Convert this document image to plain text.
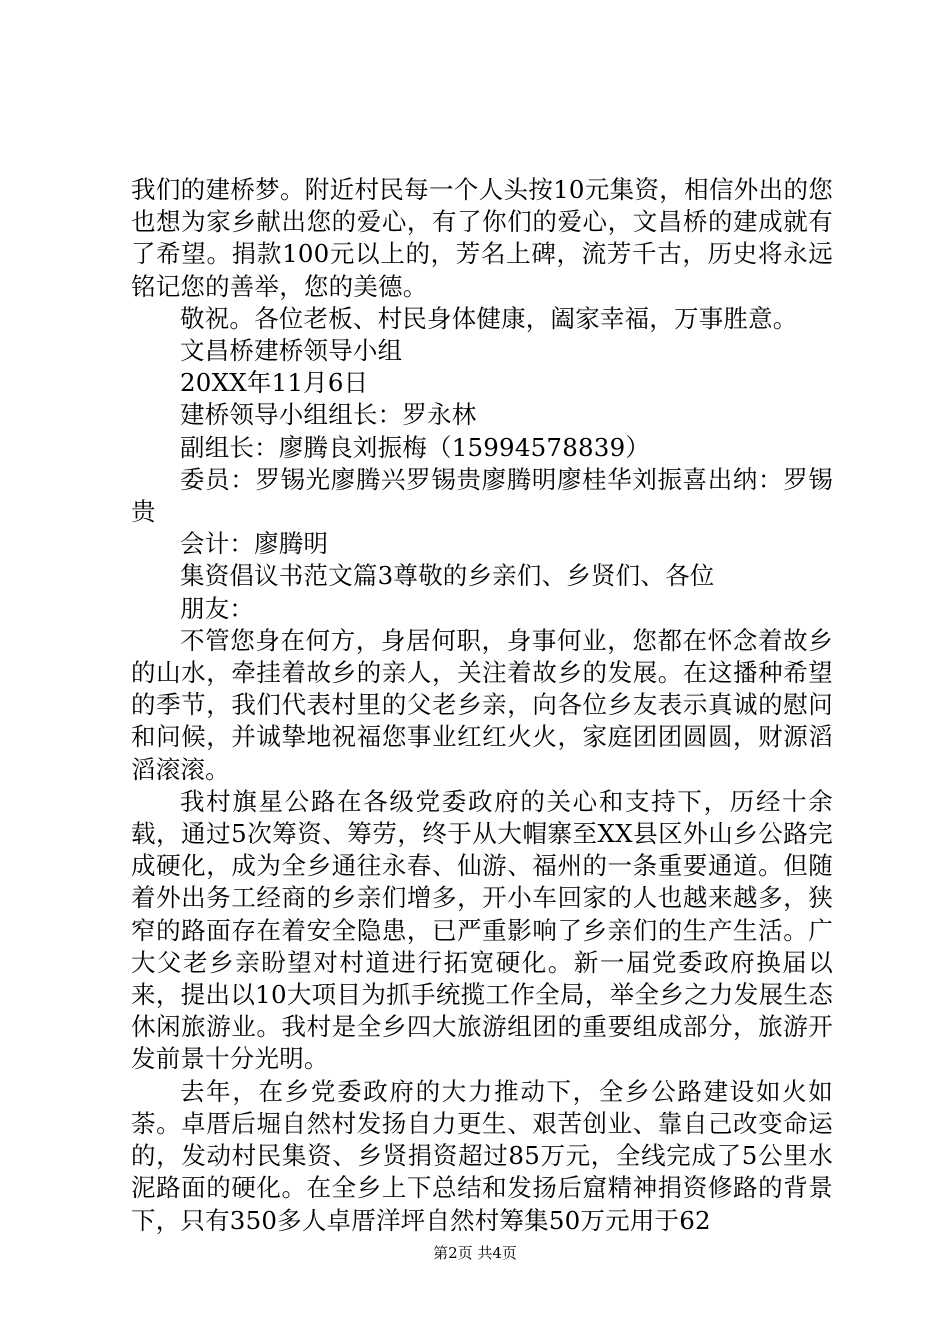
我们的建桥梦。附近村民每一个人头按10元集资，相信外出的您也想为家乡献出您的爱心，有了你们的爱心，文昌桥的建成就有了希望。捐款100元以上的，芳名上碑，流芳千古，历史将永远铭记您的善举，您的美德。

敬祝。各位老板、村民身体健康，阖家幸福，万事胜意。

文昌桥建桥领导小组

20XX年11月6日

建桥领导小组组长：罗永林

副组长：廖腾良刘振梅（15994578839）

委员：罗锡光廖腾兴罗锡贵廖腾明廖桂华刘振喜出纳：罗锡贵

会计：廖腾明

集资倡议书范文篇3尊敬的乡亲们、乡贤们、各位

朋友：

不管您身在何方，身居何职，身事何业，您都在怀念着故乡的山水，牵挂着故乡的亲人，关注着故乡的发展。在这播种希望的季节，我们代表村里的父老乡亲，向各位乡友表示真诚的慰问和问候，并诚挚地祝福您事业红红火火，家庭团团圆圆，财源滔滔滚滚。

我村旗星公路在各级党委政府的关心和支持下，历经十余载，通过5次筹资、筹劳，终于从大帽寨至XX县区外山乡公路完成硬化，成为全乡通往永春、仙游、福州的一条重要通道。但随着外出务工经商的乡亲们增多，开小车回家的人也越来越多，狭窄的路面存在着安全隐患，已严重影响了乡亲们的生产生活。广大父老乡亲盼望对村道进行拓宽硬化。新一届党委政府换届以来，提出以10大项目为抓手统揽工作全局，举全乡之力发展生态休闲旅游业。我村是全乡四大旅游组团的重要组成部分，旅游开发前景十分光明。

去年，在乡党委政府的大力推动下，全乡公路建设如火如荼。卓厝后堀自然村发扬自力更生、艰苦创业、靠自己改变命运的，发动村民集资、乡贤捐资超过85万元，全线完成了5公里水泥路面的硬化。在全乡上下总结和发扬后窟精神捐资修路的背景下，只有350多人卓厝洋坪自然村筹集50万元用于62

第2页 共4页
